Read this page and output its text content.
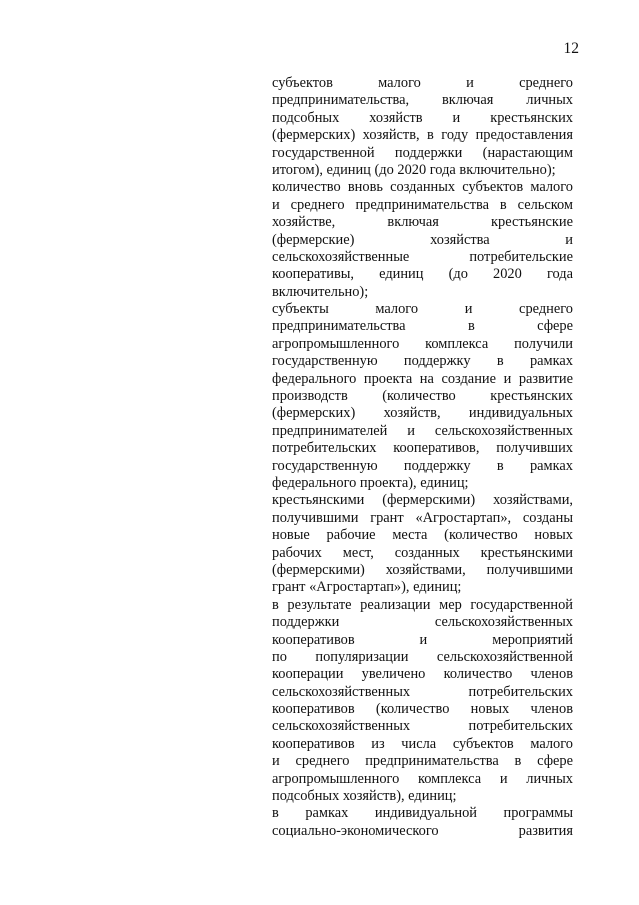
12
субъектов малого и среднего
предпринимательства, включая личных
подсобных хозяйств и крестьянских
(фермерских) хозяйств, в году предоставления
государственной поддержки (нарастающим
итогом), единиц (до 2020 года включительно);
количество вновь созданных субъектов малого
и среднего предпринимательства в сельском
хозяйстве, включая крестьянские
(фермерские) хозяйства и
сельскохозяйственные потребительские
кооперативы, единиц (до 2020 года
включительно);
субъекты малого и среднего
предпринимательства в сфере
агропромышленного комплекса получили
государственную поддержку в рамках
федерального проекта на создание и развитие
производств (количество крестьянских
(фермерских) хозяйств, индивидуальных
предпринимателей и сельскохозяйственных
потребительских кооперативов, получивших
государственную поддержку в рамках
федерального проекта), единиц;
крестьянскими (фермерскими) хозяйствами,
получившими грант «Агростартап», созданы
новые рабочие места (количество новых
рабочих мест, созданных крестьянскими
(фермерскими) хозяйствами, получившими
грант «Агростартап»), единиц;
в результате реализации мер государственной
поддержки сельскохозяйственных
кооперативов и мероприятий
по популяризации сельскохозяйственной
кооперации увеличено количество членов
сельскохозяйственных потребительских
кооперативов (количество новых членов
сельскохозяйственных потребительских
кооперативов из числа субъектов малого
и среднего предпринимательства в сфере
агропромышленного комплекса и личных
подсобных хозяйств), единиц;
в рамках индивидуальной программы
социально-экономического развития
